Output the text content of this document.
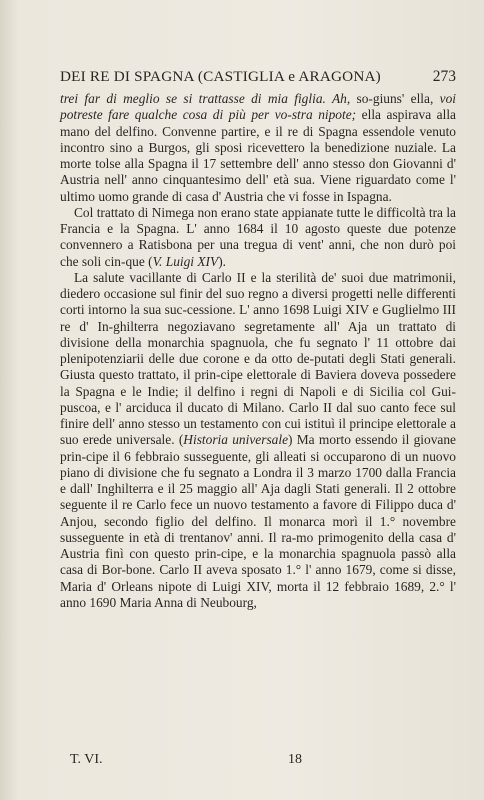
DEI RE DI SPAGNA (CASTIGLIA e ARAGONA)	273

trei far di meglio se si trattasse di mia figlia. Ah, so-giuns' ella, voi potreste fare qualche cosa di più per vo-stra nipote; ella aspirava alla mano del delfino. Convenne partire, e il re di Spagna essendole venuto incontro sino a Burgos, gli sposi ricevettero la benedizione nuziale. La morte tolse alla Spagna il 17 settembre dell' anno stesso don Giovanni d' Austria nell' anno cinquantesimo dell' età sua. Viene riguardato come l' ultimo uomo grande di casa d' Austria che vi fosse in Ispagna.

Col trattato di Nimega non erano state appianate tutte le difficoltà tra la Francia e la Spagna. L' anno 1684 il 10 agosto queste due potenze convennero a Ratisbona per una tregua di vent' anni, che non durò poi che soli cin-que (V. Luigi XIV).

La salute vacillante di Carlo II e la sterilità de' suoi due matrimonii, diedero occasione sul finir del suo regno a diversi progetti nelle differenti corti intorno la sua suc-cessione. L' anno 1698 Luigi XIV e Guglielmo III re d' In-ghilterra negoziavano segretamente all' Aja un trattato di divisione della monarchia spagnuola, che fu segnato l' 11 ottobre dai plenipotenziarii delle due corone e da otto de-putati degli Stati generali. Giusta questo trattato, il prin-cipe elettorale di Baviera doveva possedere la Spagna e le Indie; il delfino i regni di Napoli e di Sicilia col Gui-puscoa, e l' arciduca il ducato di Milano. Carlo II dal suo canto fece sul finire dell' anno stesso un testamento con cui istituì il principe elettorale a suo erede universale. (Historia universale) Ma morto essendo il giovane prin-cipe il 6 febbraio susseguente, gli alleati si occuparono di un nuovo piano di divisione che fu segnato a Londra il 3 marzo 1700 dalla Francia e dall' Inghilterra e il 25 maggio all' Aja dagli Stati generali. Il 2 ottobre seguente il re Carlo fece un nuovo testamento a favore di Filippo duca d' Anjou, secondo figlio del delfino. Il monarca morì il 1.° novembre susseguente in età di trentanov' anni. Il ra-mo primogenito della casa d' Austria finì con questo prin-cipe, e la monarchia spagnuola passò alla casa di Bor-bone. Carlo II aveva sposato 1.° l' anno 1679, come si disse, Maria d' Orleans nipote di Luigi XIV, morta il 12 febbraio 1689, 2.° l' anno 1690 Maria Anna di Neubourg,

T. VI.	18
